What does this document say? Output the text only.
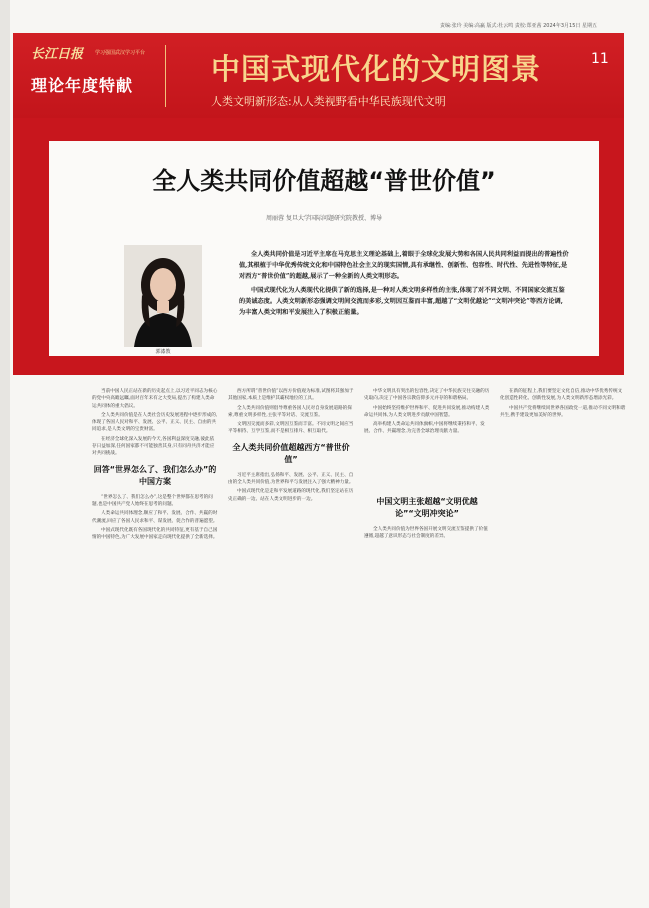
责编:张玲 美编:高赢 版式:杜云鸣 责校:郑亚茜 2024年3月15日 星期五
长江日报 学习强国武汉学习平台
理论年度特献	中国式现代化的文明图景
人类文明新形态:从人类视野看中华民族现代文明
11
全人类共同价值超越“普世价值”
周丽蓉 复旦大学国际问题研究院教授、博导
郭漆教

全人类共同价值是习近平主席在马克思主义理论基础上,着眼于全球化发展大势和各国人民共同利益而提出的普遍性价值,其根植于中华优秀传统文化和中国特色社会主义的现实国情,具有承继性、创新性、包容性、时代性、先进性等特征,是对西方“普世价值”的超越,展示了一种全新的人类文明形态。

中国式现代化为人类现代化提供了新的选择,是一种对人类文明多样性的主张,体现了对不同文明、不同国家交流互鉴的美诚态度。人类文明新形态强调文明间交流而多彩,文明因互鉴而丰富,超越了“文明优越论”“文明冲突论”等西方论调,为丰富人类文明和平发展注入了积极正能量。

当前中国人民正站在新的历史起点上,以习近平同志为核心的党中央高瞻远瞩,面对百年未有之大变局,提出了构建人类命运共同体的重大倡议。

全人类共同价值是在人类社会历史发展进程中逐步形成的,体现了各国人民对和平、发展、公平、正义、民主、自由的共同追求,是人类文明的宝贵财富。

在经济全球化深入发展的今天,各国利益深度交融,彼此依存日益加深,任何国家都不可能独善其身,只有同舟共济才能应对共同挑战。

回答“世界怎么了、我们怎么办”的中国方案

“世界怎么了、我们怎么办”,这是整个世界都在思考的问题,也是中国共产党人始终在思考的问题。

人类命运共同体理念,顺应了和平、发展、合作、共赢的时代潮流,回应了各国人民求和平、谋发展、促合作的普遍愿望。

中国式现代化既有各国现代化的共同特征,更有基于自己国情的中国特色,为广大发展中国家走向现代化提供了全新选择。

西方所谓“普世价值”以西方价值观为标准,试图将其强加于其他国家,本质上是维护其霸权地位的工具。

全人类共同价值则倡导尊重各国人民对自身发展道路的探索,尊重文明多样性,主张平等对话、交流互鉴。

文明因交流而多彩,文明因互鉴而丰富。不同文明之间应当平等相待、互学互鉴,而不是相互排斥、相互取代。

全人类共同价值超越西方“普世价值”

习近平主席指出,弘扬和平、发展、公平、正义、民主、自由的全人类共同价值,为世界和平与发展注入了强大精神力量。

中国式现代化是走和平发展道路的现代化,我们坚定站在历史正确的一边、站在人类文明进步的一边。

中华文明具有突出的包容性,决定了中华民族交往交融的历史取向,决定了中国各宗教信仰多元并存的和谐格局。

中国始终坚持维护世界和平、促进共同发展,推动构建人类命运共同体,为人类文明进步贡献中国智慧。

高举构建人类命运共同体旗帜,中国将继续秉持和平、发展、合作、共赢理念,为完善全球治理贡献力量。

中国文明主张超越“文明优越论”“文明冲突论”

全人类共同价值为世界各国开展文明交流互鉴提供了价值遵循,超越了意识形态与社会制度的差异。

在新的征程上,我们要坚定文化自信,推动中华优秀传统文化创造性转化、创新性发展,为人类文明新形态增添光彩。

中国共产党将继续同世界各国政党一道,推动不同文明和谐共生,携手建设更加美好的世界。
